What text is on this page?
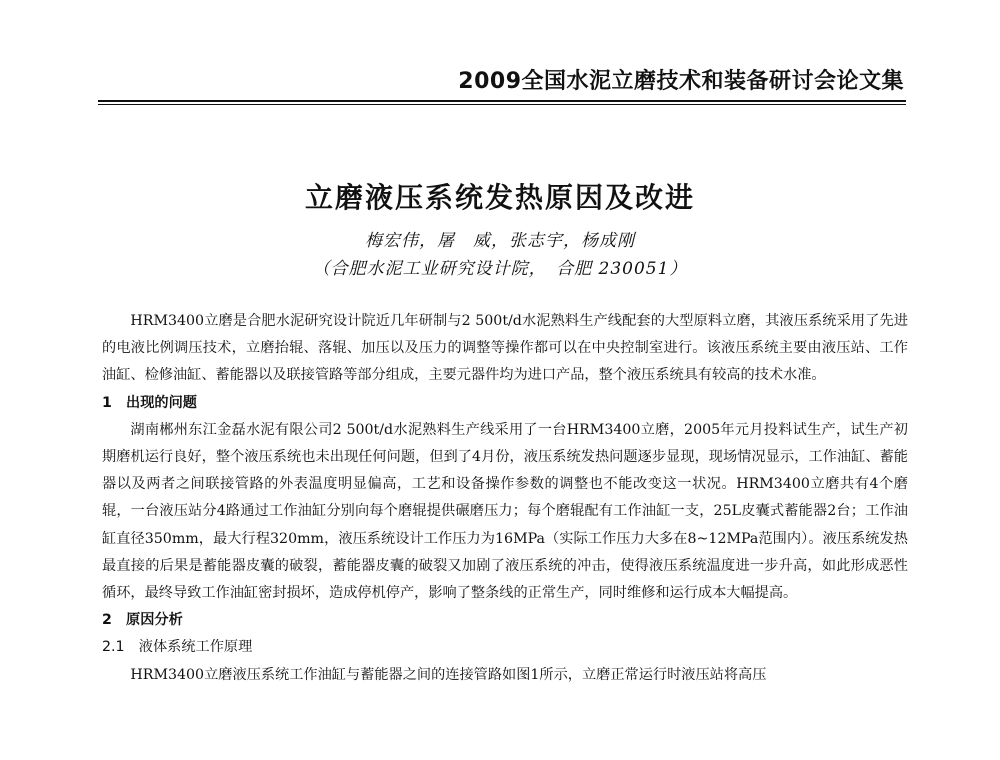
2009全国水泥立磨技术和装备研讨会论文集
立磨液压系统发热原因及改进
梅宏伟，屠　威，张志宇，杨成刚
（合肥水泥工业研究设计院，　合肥 230051）

HRM3400立磨是合肥水泥研究设计院近几年研制与2 500t/d水泥熟料生产线配套的大型原料立磨，其液压系统采用了先进的电液比例调压技术，立磨抬辊、落辊、加压以及压力的调整等操作都可以在中央控制室进行。该液压系统主要由液压站、工作油缸、检修油缸、蓄能器以及联接管路等部分组成，主要元器件均为进口产品，整个液压系统具有较高的技术水准。

1　出现的问题

湖南郴州东江金磊水泥有限公司2 500t/d水泥熟料生产线采用了一台HRM3400立磨，2005年元月投料试生产，试生产初期磨机运行良好，整个液压系统也未出现任何问题，但到了4月份，液压系统发热问题逐步显现，现场情况显示，工作油缸、蓄能器以及两者之间联接管路的外表温度明显偏高，工艺和设备操作参数的调整也不能改变这一状况。HRM3400立磨共有4个磨辊，一台液压站分4路通过工作油缸分别向每个磨辊提供碾磨压力；每个磨辊配有工作油缸一支，25L皮囊式蓄能器2台；工作油缸直径350mm，最大行程320mm，液压系统设计工作压力为16MPa（实际工作压力大多在8~12MPa范围内）。液压系统发热最直接的后果是蓄能器皮囊的破裂，蓄能器皮囊的破裂又加剧了液压系统的冲击，使得液压系统温度进一步升高，如此形成恶性循环，最终导致工作油缸密封损坏，造成停机停产，影响了整条线的正常生产，同时维修和运行成本大幅提高。

2　原因分析
2.1　液体系统工作原理

HRM3400立磨液压系统工作油缸与蓄能器之间的连接管路如图1所示，立磨正常运行时液压站将高压
